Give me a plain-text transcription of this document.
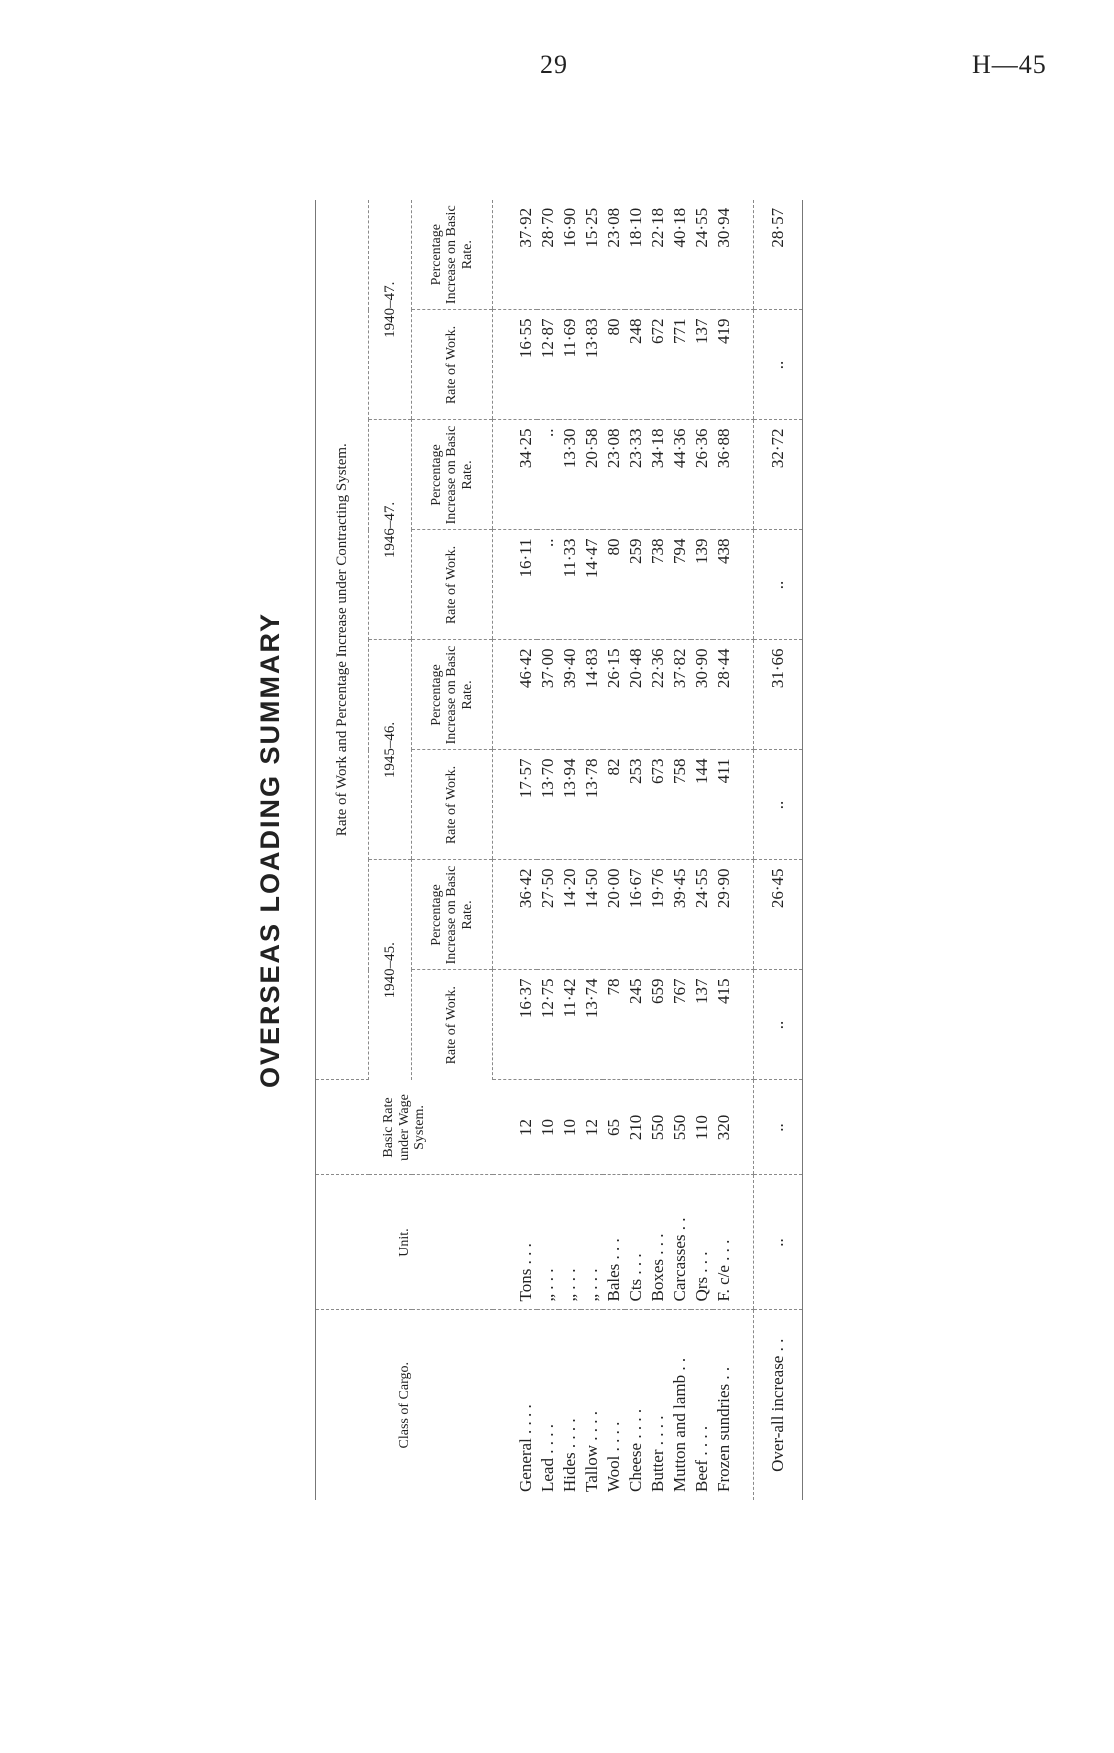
29	H—45
OVERSEAS LOADING SUMMARY
Class of Cargo.	Unit.	Basic Rate under Wage System.	Rate of Work and Percentage Increase under Contracting System.							
			1940–45.		1945–46.		1946–47.		1940–47.	
			Rate of Work.	Percentage Increase on Basic Rate.	Rate of Work.	Percentage Increase on Basic Rate.	Rate of Work.	Percentage Increase on Basic Rate.	Rate of Work.	Percentage Increase on Basic Rate.
General . . . .	Tons . . .	12	16·37	36·42	17·57	46·42	16·11	34·25	16·55	37·92
Lead . . . .	„ . . .	10	12·75	27·50	13·70	37·00	..	..	12·87	28·70
Hides . . . .	„ . . .	10	11·42	14·20	13·94	39·40	11·33	13·30	11·69	16·90
Tallow . . . .	„ . . .	12	13·74	14·50	13·78	14·83	14·47	20·58	13·83	15·25
Wool . . . .	Bales . . .	65	78	20·00	82	26·15	80	23·08	80	23·08
Cheese . . . .	Cts . . .	210	245	16·67	253	20·48	259	23·33	248	18·10
Butter . . . .	Boxes . . .	550	659	19·76	673	22·36	738	34·18	672	22·18
Mutton and lamb . .	Carcasses . .	550	767	39·45	758	37·82	794	44·36	771	40·18
Beef . . . .	Qrs . . .	110	137	24·55	144	30·90	139	26·36	137	24·55
Frozen sundries . .	F. c/e . . .	320	415	29·90	411	28·44	438	36·88	419	30·94
Over-all increase . .	..	..	..	26·45	..	31·66	..	32·72	..	28·57
